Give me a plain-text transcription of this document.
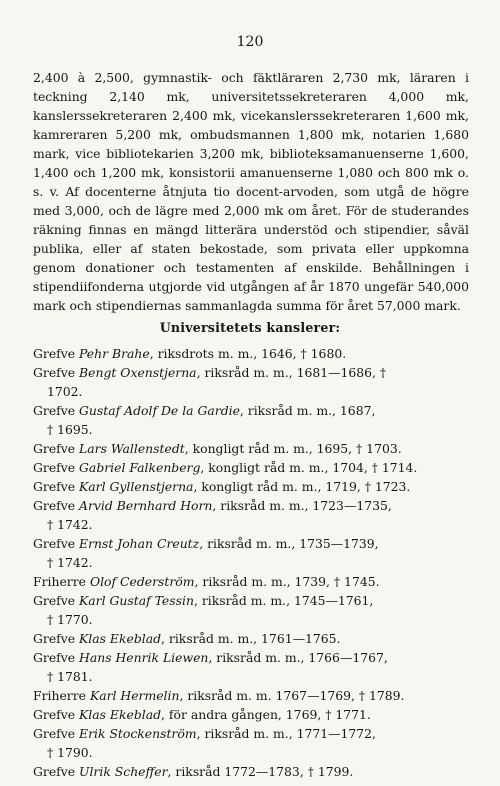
120

2,400 à 2,500, gymnastik- och fäktläraren 2,730 mk, läraren i teckning 2,140 mk, universitetssekreteraren 4,000 mk, kanslerssekreteraren 2,400 mk, vicekanslerssekreteraren 1,600 mk, kamreraren 5,200 mk, ombudsmannen 1,800 mk, notarien 1,680 mark, vice bibliotekarien 3,200 mk, biblioteksamanuenserne 1,600, 1,400 och 1,200 mk, konsistorii amanuenserne 1,080 och 800 mk o. s. v. Af docenterne åtnjuta tio docent-arvoden, som utgå de högre med 3,000, och de lägre med 2,000 mk om året. För de studerandes räkning finnas en mängd litterära understöd och stipendier, såväl publika, eller af staten bekostade, som privata eller uppkomna genom donationer och testamenten af enskilde. Behållningen i stipendiifonderna utgjorde vid utgången af år 1870 ungefär 540,000 mark och stipendiernas sammanlagda summa för året 57,000 mark.

`
Universitetets kanslerer:
Grefve Pehr Brahe, riksdrots m. m., 1646, † 1680.
Grefve Bengt Oxenstjerna, riksråd m. m., 1681—1686, †
1702.
Grefve Gustaf Adolf De la Gardie, riksråd m. m., 1687,
† 1695.
Grefve Lars Wallenstedt, kongligt råd m. m., 1695, † 1703.
Grefve Gabriel Falkenberg, kongligt råd m. m., 1704, † 1714.
Grefve Karl Gyllenstjerna, kongligt råd m. m., 1719, † 1723.
Grefve Arvid Bernhard Horn, riksråd m. m., 1723—1735,
† 1742.
Grefve Ernst Johan Creutz, riksråd m. m., 1735—1739,
† 1742.
Friherre Olof Cederström, riksråd m. m., 1739, † 1745.
Grefve Karl Gustaf Tessin, riksråd m. m., 1745—1761,
† 1770.
Grefve Klas Ekeblad, riksråd m. m., 1761—1765.
Grefve Hans Henrik Liewen, riksråd m. m., 1766—1767,
† 1781.
Friherre Karl Hermelin, riksråd m. m. 1767—1769, † 1789.
Grefve Klas Ekeblad, för andra gången, 1769, † 1771.
Grefve Erik Stockenström, riksråd m. m., 1771—1772,
† 1790.
Grefve Ulrik Scheffer, riksråd 1772—1783, † 1799.
